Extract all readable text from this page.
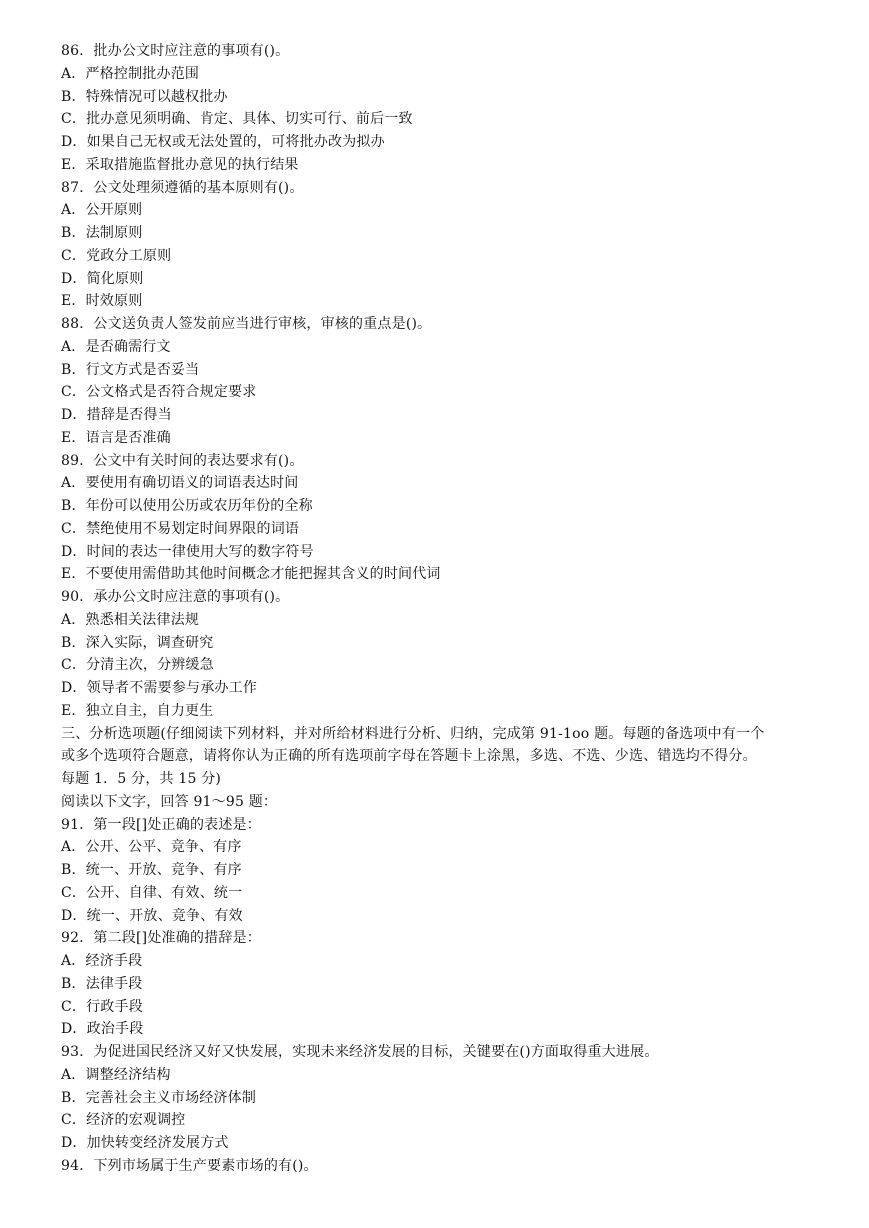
86．批办公文时应注意的事项有()。
A．严格控制批办范围
B．特殊情况可以越权批办
C．批办意见须明确、肯定、具体、切实可行、前后一致
D．如果自己无权或无法处置的，可将批办改为拟办
E．采取措施监督批办意见的执行结果
87．公文处理须遵循的基本原则有()。
A．公开原则
B．法制原则
C．党政分工原则
D．简化原则
E．时效原则
88．公文送负责人签发前应当进行审核，审核的重点是()。
A．是否确需行文
B．行文方式是否妥当
C．公文格式是否符合规定要求
D．措辞是否得当
E．语言是否准确
89．公文中有关时间的表达要求有()。
A．要使用有确切语义的词语表达时间
B．年份可以使用公历或农历年份的全称
C．禁绝使用不易划定时间界限的词语
D．时间的表达一律使用大写的数字符号
E．不要使用需借助其他时间概念才能把握其含义的时间代词
90．承办公文时应注意的事项有()。
A．熟悉相关法律法规
B．深入实际，调查研究
C．分清主次，分辨缓急
D．领导者不需要参与承办工作
E．独立自主，自力更生
三、分析选项题(仔细阅读下列材料，并对所给材料进行分析、归纳，完成第 91-1oo 题。每题的备选项中有一个
或多个选项符合题意，请将你认为正确的所有选项前字母在答题卡上涂黑，多选、不选、少选、错选均不得分。
每题 1．5 分，共 15 分)
阅读以下文字，回答 91～95 题：
91．第一段[]处正确的表述是：
A．公开、公平、竞争、有序
B．统一、开放、竞争、有序
C．公开、自律、有效、统一
D．统一、开放、竞争、有效
92．第二段[]处准确的措辞是：
A．经济手段
B．法律手段
C．行政手段
D．政治手段
93．为促进国民经济又好又快发展，实现未来经济发展的目标，关键要在()方面取得重大进展。
A．调整经济结构
B．完善社会主义市场经济体制
C．经济的宏观调控
D．加快转变经济发展方式
94．下列市场属于生产要素市场的有()。
